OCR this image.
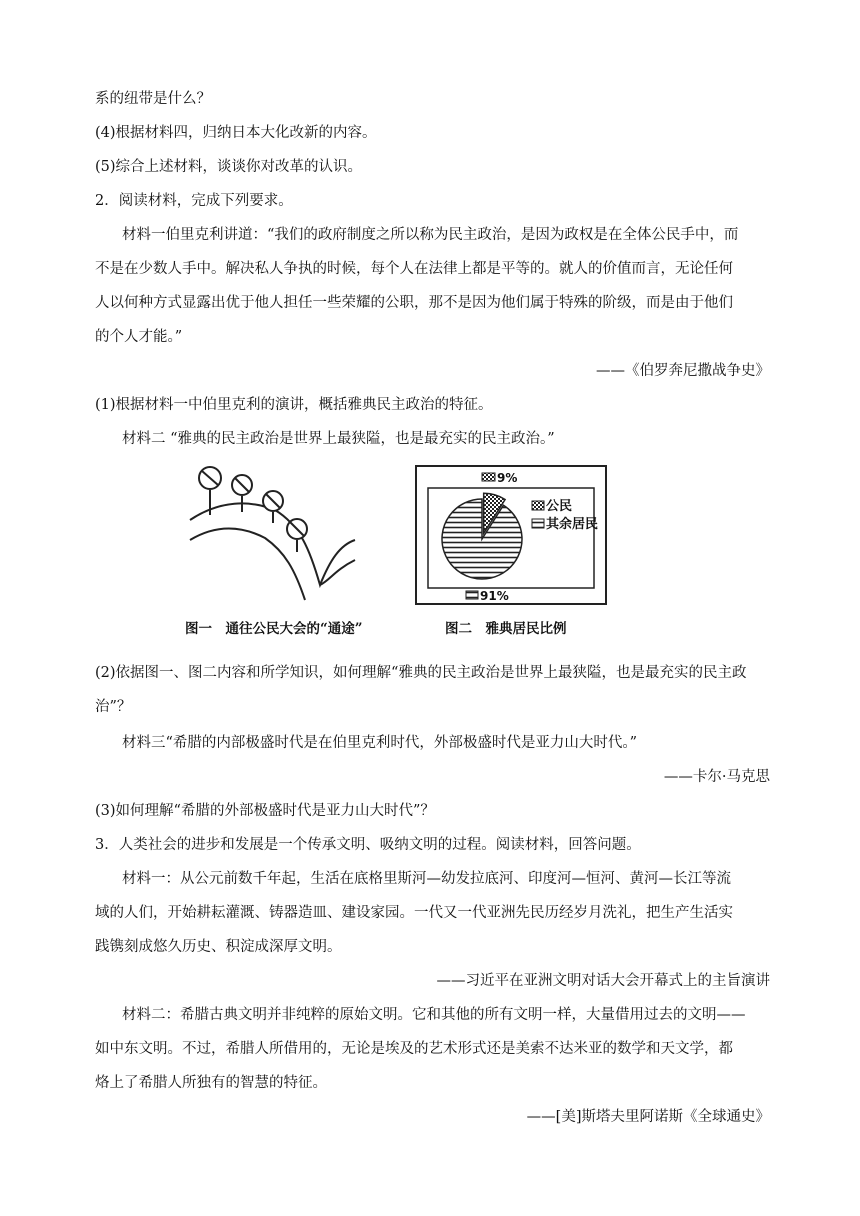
系的纽带是什么？
(4)根据材料四，归纳日本大化改新的内容。
(5)综合上述材料，谈谈你对改革的认识。
2．阅读材料，完成下列要求。
材料一伯里克利讲道：“我们的政府制度之所以称为民主政治，是因为政权是在全体公民手中，而
不是在少数人手中。解决私人争执的时候，每个人在法律上都是平等的。就人的价值而言，无论任何
人以何种方式显露出优于他人担任一些荣耀的公职，那不是因为他们属于特殊的阶级，而是由于他们
的个人才能。”
——《伯罗奔尼撒战争史》
(1)根据材料一中伯里克利的演讲，概括雅典民主政治的特征。
材料二 “雅典的民主政治是世界上最狭隘，也是最充实的民主政治。”
图一　通往公民大会的“通途”
9%
公民
其余居民
91%
图二　雅典居民比例
(2)依据图一、图二内容和所学知识，如何理解“雅典的民主政治是世界上最狭隘，也是最充实的民主政
治”？
材料三“希腊的内部极盛时代是在伯里克利时代，外部极盛时代是亚力山大时代。”
——卡尔·马克思
(3)如何理解“希腊的外部极盛时代是亚力山大时代”？
3．人类社会的进步和发展是一个传承文明、吸纳文明的过程。阅读材料，回答问题。
材料一：从公元前数千年起，生活在底格里斯河—幼发拉底河、印度河—恒河、黄河—长江等流
域的人们，开始耕耘灌溉、铸器造皿、建设家园。一代又一代亚洲先民历经岁月洗礼，把生产生活实
践镌刻成悠久历史、积淀成深厚文明。
——习近平在亚洲文明对话大会开幕式上的主旨演讲
材料二：希腊古典文明并非纯粹的原始文明。它和其他的所有文明一样，大量借用过去的文明——
如中东文明。不过，希腊人所借用的，无论是埃及的艺术形式还是美索不达米亚的数学和天文学，都
烙上了希腊人所独有的智慧的特征。
——[美]斯塔夫里阿诺斯《全球通史》
